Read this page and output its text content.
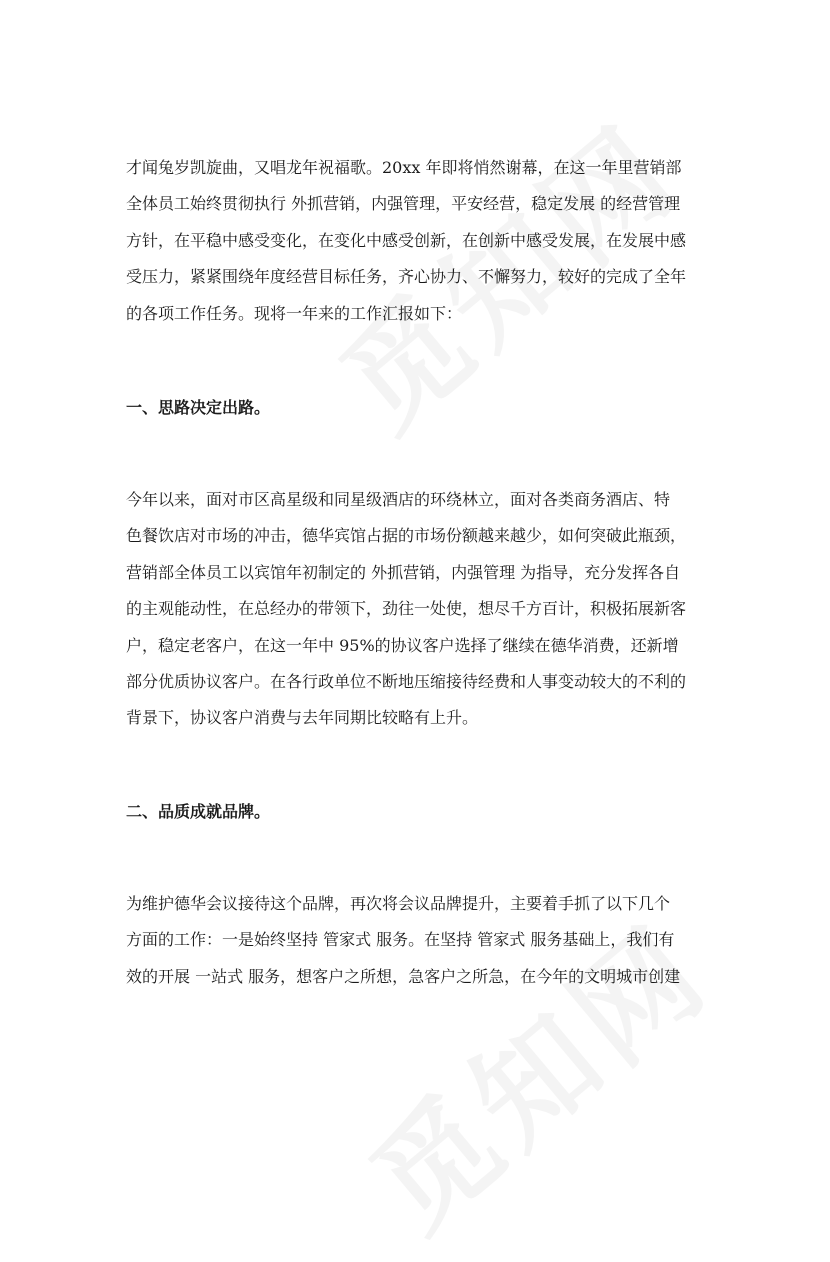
才闻兔岁凯旋曲，又唱龙年祝福歌。20xx 年即将悄然谢幕，在这一年里营销部
全体员工始终贯彻执行 外抓营销，内强管理，平安经营，稳定发展 的经营管理
方针，在平稳中感受变化，在变化中感受创新，在创新中感受发展，在发展中感
受压力，紧紧围绕年度经营目标任务，齐心协力、不懈努力，较好的完成了全年
的各项工作任务。现将一年来的工作汇报如下：

一、思路决定出路。

今年以来，面对市区高星级和同星级酒店的环绕林立，面对各类商务酒店、特
色餐饮店对市场的冲击，德华宾馆占据的市场份额越来越少，如何突破此瓶颈，
营销部全体员工以宾馆年初制定的 外抓营销，内强管理 为指导，充分发挥各自
的主观能动性，在总经办的带领下，劲往一处使，想尽千方百计，积极拓展新客
户，稳定老客户，在这一年中 95%的协议客户选择了继续在德华消费，还新增
部分优质协议客户。在各行政单位不断地压缩接待经费和人事变动较大的不利的
背景下，协议客户消费与去年同期比较略有上升。

二、品质成就品牌。

为维护德华会议接待这个品牌，再次将会议品牌提升，主要着手抓了以下几个
方面的工作：一是始终坚持 管家式 服务。在坚持 管家式 服务基础上，我们有
效的开展 一站式 服务，想客户之所想，急客户之所急，在今年的文明城市创建
